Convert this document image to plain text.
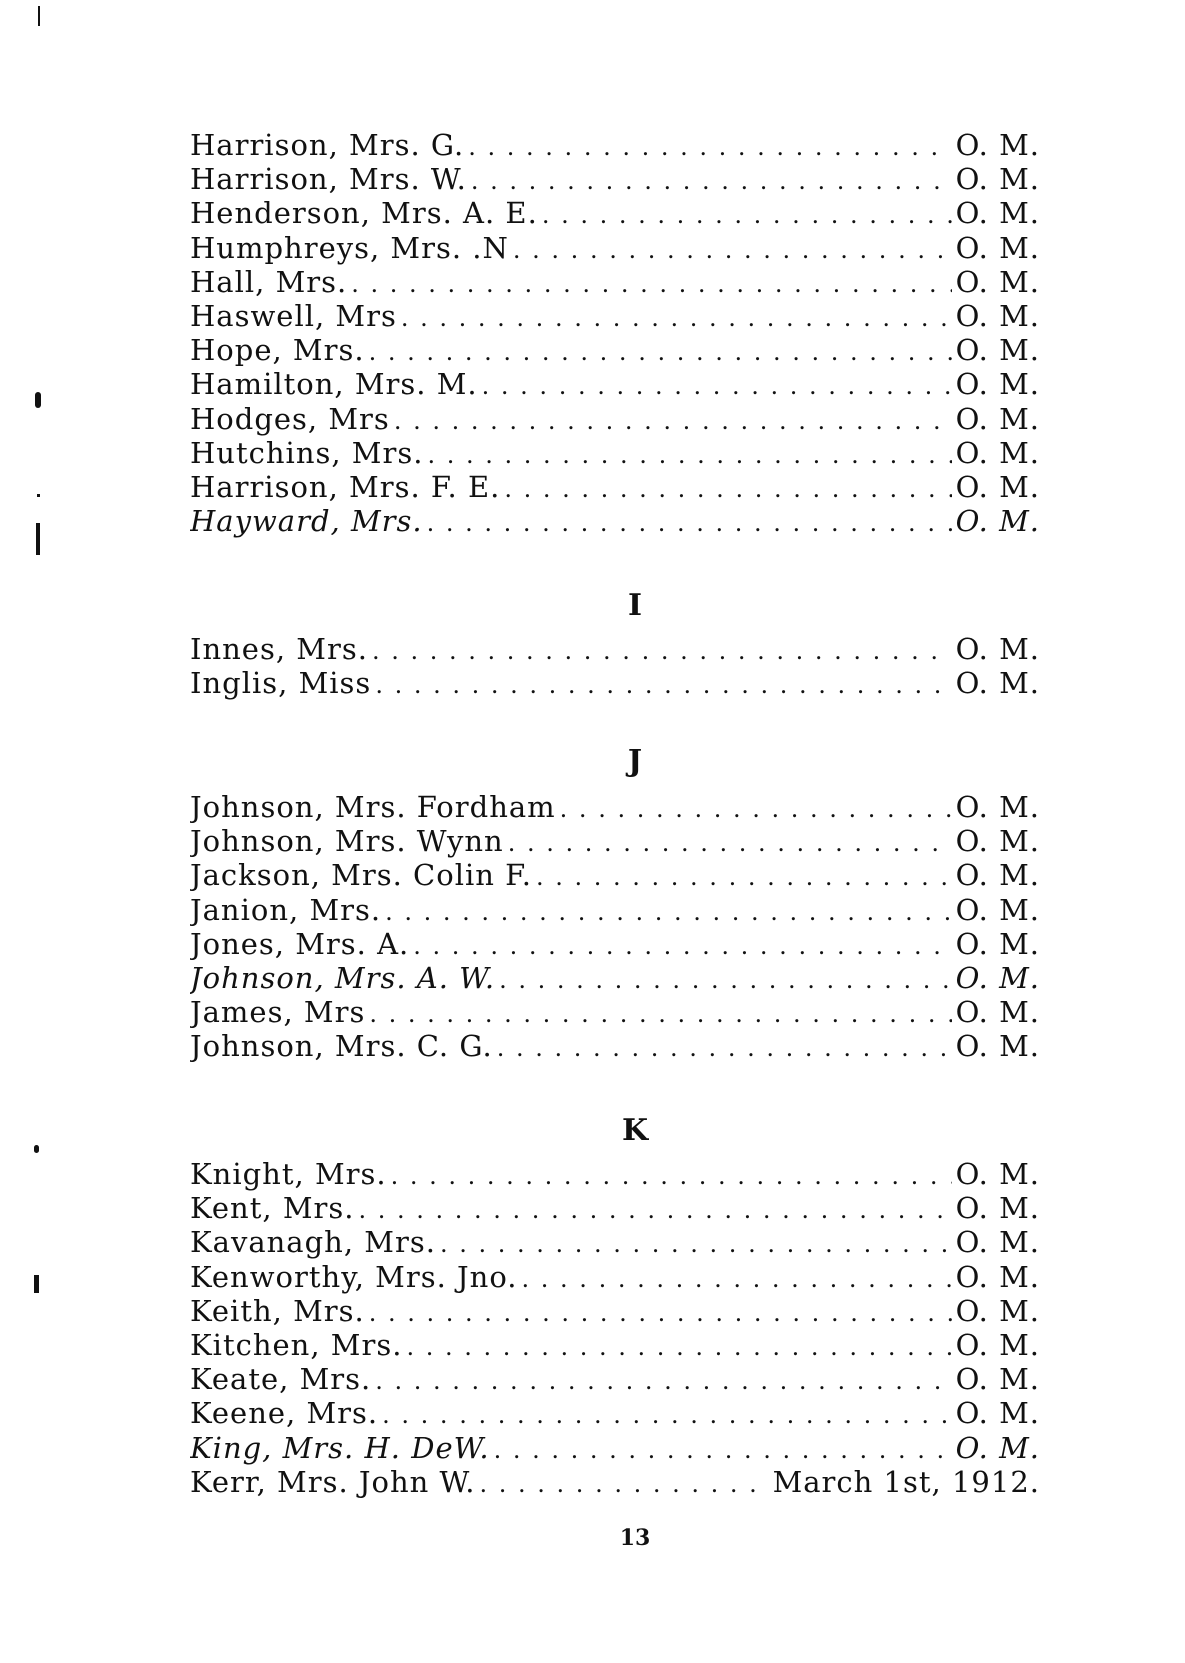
Harrison, Mrs. G. . . .	O. M.
Harrison, Mrs. W. . . .	O. M.
Henderson, Mrs. A. E. . . .	O. M.
Humphreys, Mrs. .N . . .	O. M.
Hall, Mrs. . . .	O. M.
Haswell, Mrs . . .	O. M.
Hope, Mrs. . . .	O. M.
Hamilton, Mrs. M. . . .	O. M.
Hodges, Mrs . . .	O. M.
Hutchins, Mrs. . . .	O. M.
Harrison, Mrs. F. E. . . .	O. M.
Hayward, Mrs. . . .	O. M.
I
Innes, Mrs. . . .	O. M.
Inglis, Miss . . .	O. M.
J
Johnson, Mrs. Fordham . . .	O. M.
Johnson, Mrs. Wynn . . .	O. M.
Jackson, Mrs. Colin F. . . .	O. M.
Janion, Mrs. . . .	O. M.
Jones, Mrs. A. . . .	O. M.
Johnson, Mrs. A. W. . . .	O. M.
James, Mrs . . .	O. M.
Johnson, Mrs. C. G. . . .	O. M.
K
Knight, Mrs. . . .	O. M.
Kent, Mrs. . . .	O. M.
Kavanagh, Mrs. . . .	O. M.
Kenworthy, Mrs. Jno. . . .	O. M.
Keith, Mrs. . . .	O. M.
Kitchen, Mrs. . . .	O. M.
Keate, Mrs. . . .	O. M.
Keene, Mrs. . . .	O. M.
King, Mrs. H. DeW. . . .	O. M.
Kerr, Mrs. John W. . . .	March 1st, 1912.
13
